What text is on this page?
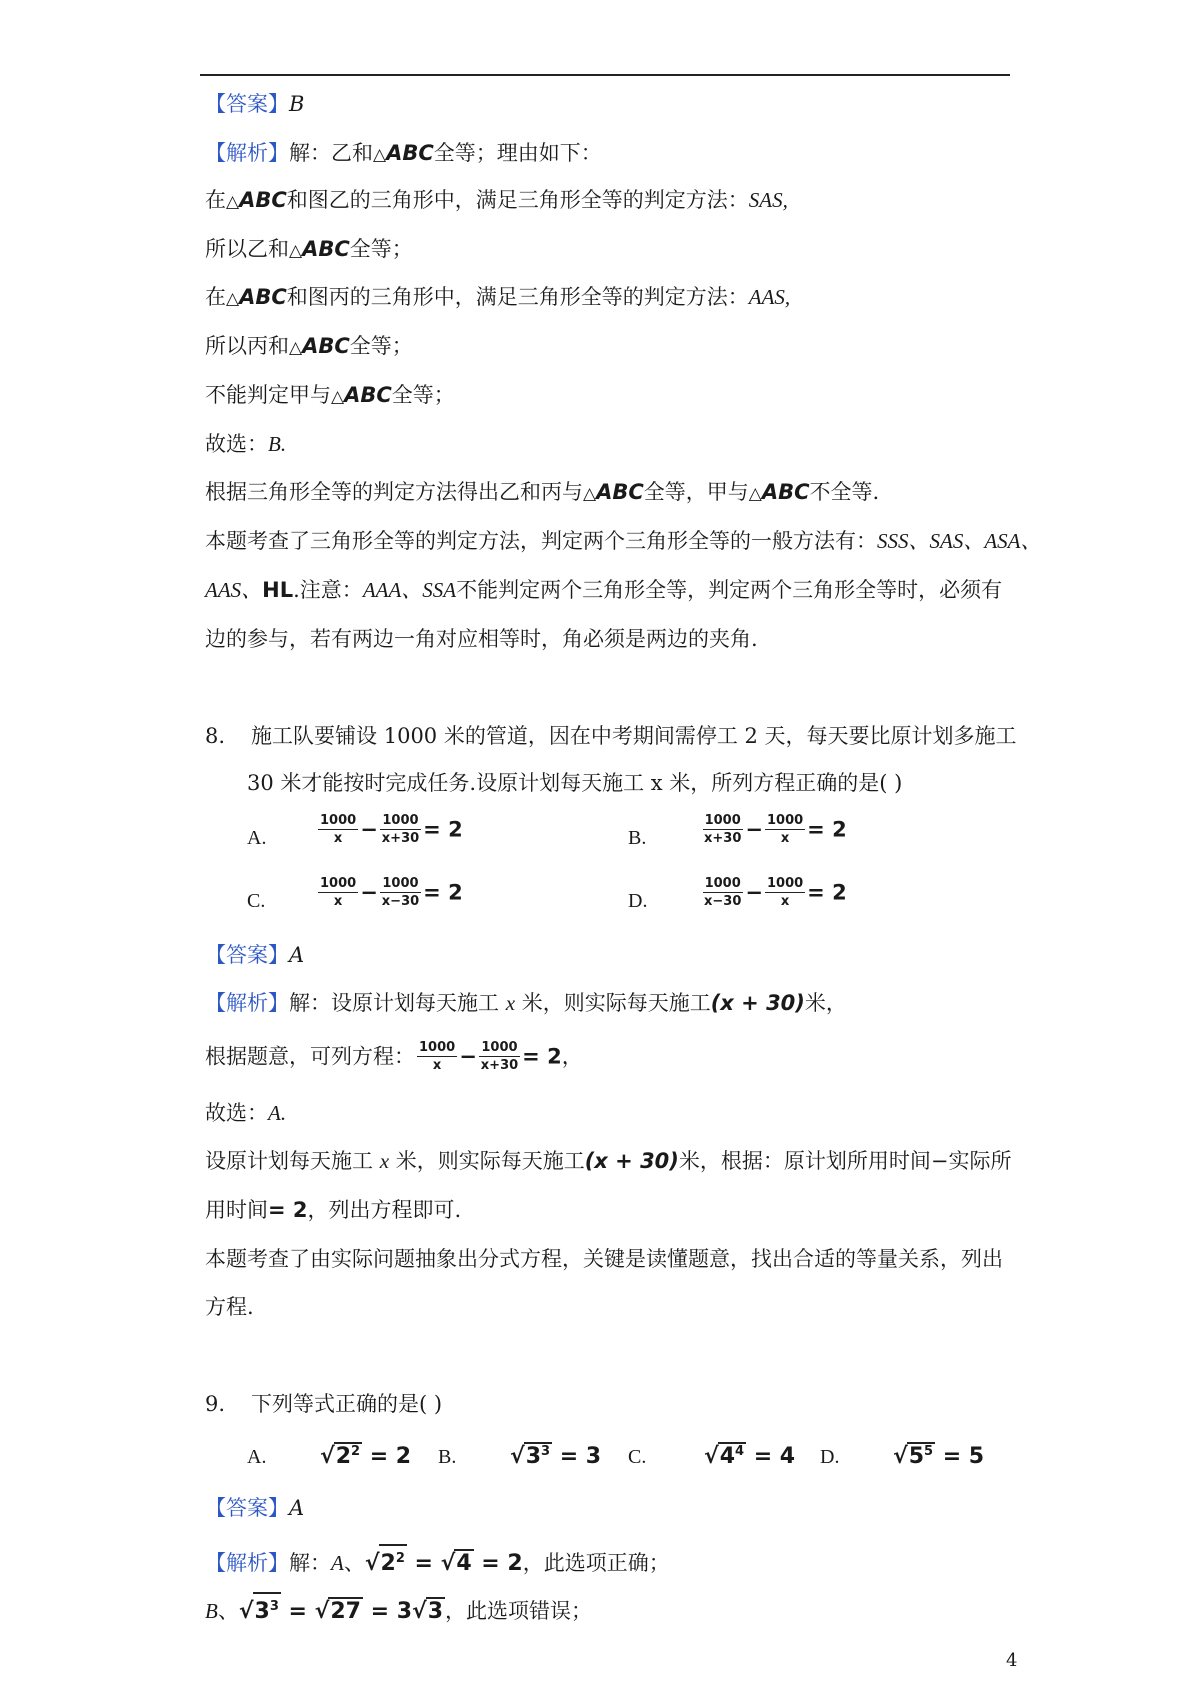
【答案】B
【解析】解：乙和△ABC全等；理由如下：
在△ABC和图乙的三角形中，满足三角形全等的判定方法：SAS,
所以乙和△ABC全等；
在△ABC和图丙的三角形中，满足三角形全等的判定方法：AAS,
所以丙和△ABC全等；
不能判定甲与△ABC全等；
故选：B.
根据三角形全等的判定方法得出乙和丙与△ABC全等，甲与△ABC不全等.
本题考查了三角形全等的判定方法，判定两个三角形全等的一般方法有：SSS、SAS、ASA、
AAS、HL.注意：AAA、SSA不能判定两个三角形全等，判定两个三角形全等时，必须有
边的参与，若有两边一角对应相等时，角必须是两边的夹角.
8. 施工队要铺设 1000 米的管道，因在中考期间需停工 2 天，每天要比原计划多施工
30 米才能按时完成任务.设原计划每天施工 x 米，所列方程正确的是( )
A.	$\frac{1000}{x} - \frac{1000}{x+30} = 2$	B.	$\frac{1000}{x+30} - \frac{1000}{x} = 2$
C.	$\frac{1000}{x} - \frac{1000}{x-30} = 2$	D.	$\frac{1000}{x-30} - \frac{1000}{x} = 2$
【答案】A
【解析】解：设原计划每天施工 x 米，则实际每天施工(x + 30)米，
根据题意，可列方程： $\frac{1000}{x} - \frac{1000}{x+30} = 2$，
故选：A.
设原计划每天施工 x 米，则实际每天施工(x + 30)米，根据：原计划所用时间−实际所
用时间= 2，列出方程即可.
本题考查了由实际问题抽象出分式方程，关键是读懂题意，找出合适的等量关系，列出
方程.
9. 下列等式正确的是( )
A. $√2^2 = 2$ B. $√3^3 = 3$ C.	$√4^4 = 4$ D. $√5^5 = 5$
【答案】A
【解析】解：A、$√2^2 = √4 = 2$，此选项正确；
B、$√3^3 = √27 = 3√3$，此选项错误；
4
